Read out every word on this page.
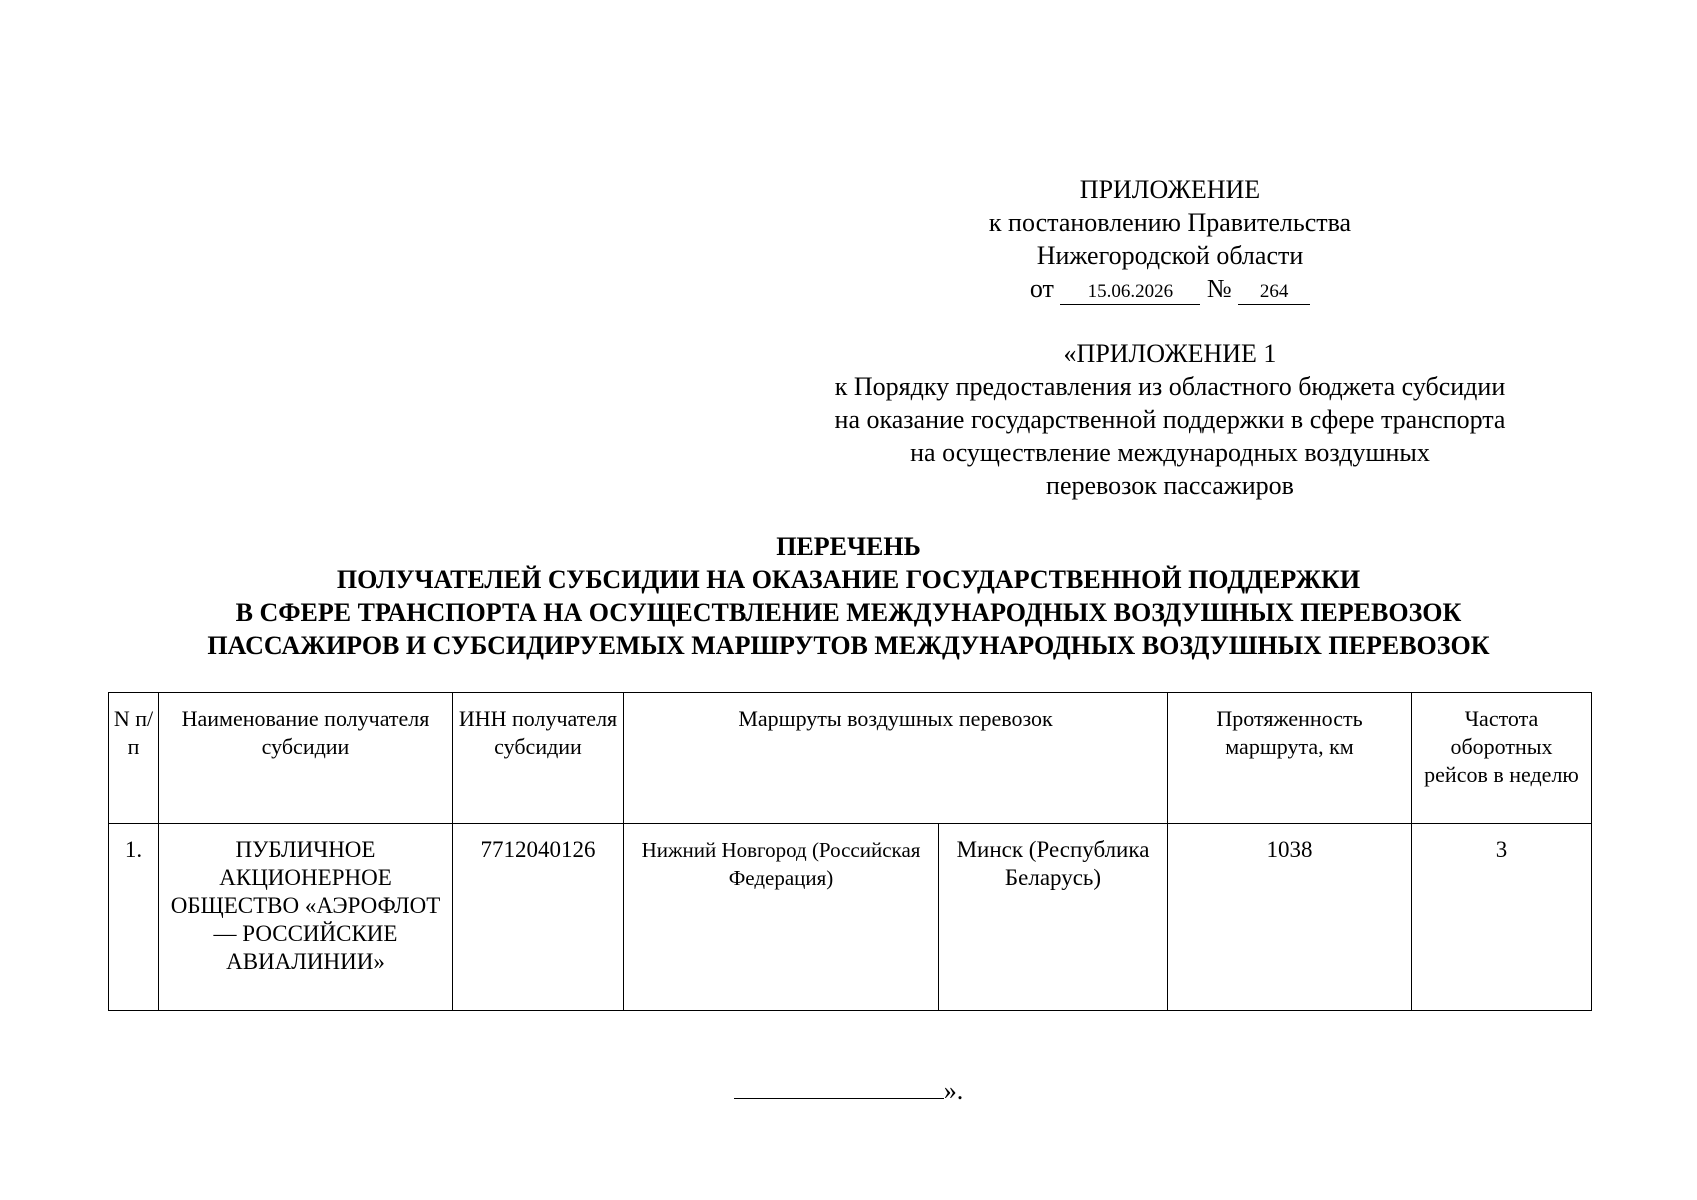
ПРИЛОЖЕНИЕ
к постановлению Правительства
Нижегородской области
от 15.06.2026 № 264
«ПРИЛОЖЕНИЕ 1
к Порядку предоставления из областного бюджета субсидии
на оказание государственной поддержки в сфере транспорта
на осуществление международных воздушных
перевозок пассажиров
ПЕРЕЧЕНЬ
ПОЛУЧАТЕЛЕЙ СУБСИДИИ НА ОКАЗАНИЕ ГОСУДАРСТВЕННОЙ ПОДДЕРЖКИ
В СФЕРЕ ТРАНСПОРТА НА ОСУЩЕСТВЛЕНИЕ МЕЖДУНАРОДНЫХ ВОЗДУШНЫХ ПЕРЕВОЗОК
ПАССАЖИРОВ И СУБСИДИРУЕМЫХ МАРШРУТОВ МЕЖДУНАРОДНЫХ ВОЗДУШНЫХ ПЕРЕВОЗОК
N п/п	Наименование получателя субсидии	ИНН получателя субсидии	Маршруты воздушных перевозок		Протяженность маршрута, км	Частота оборотных рейсов в неделю
1.	ПУБЛИЧНОЕ АКЦИОНЕРНОЕ ОБЩЕСТВО «АЭРОФЛОТ — РОССИЙСКИЕ АВИАЛИНИИ»	7712040126	Нижний Новгород (Российская Федерация)	Минск (Республика Беларусь)	1038	3
».
